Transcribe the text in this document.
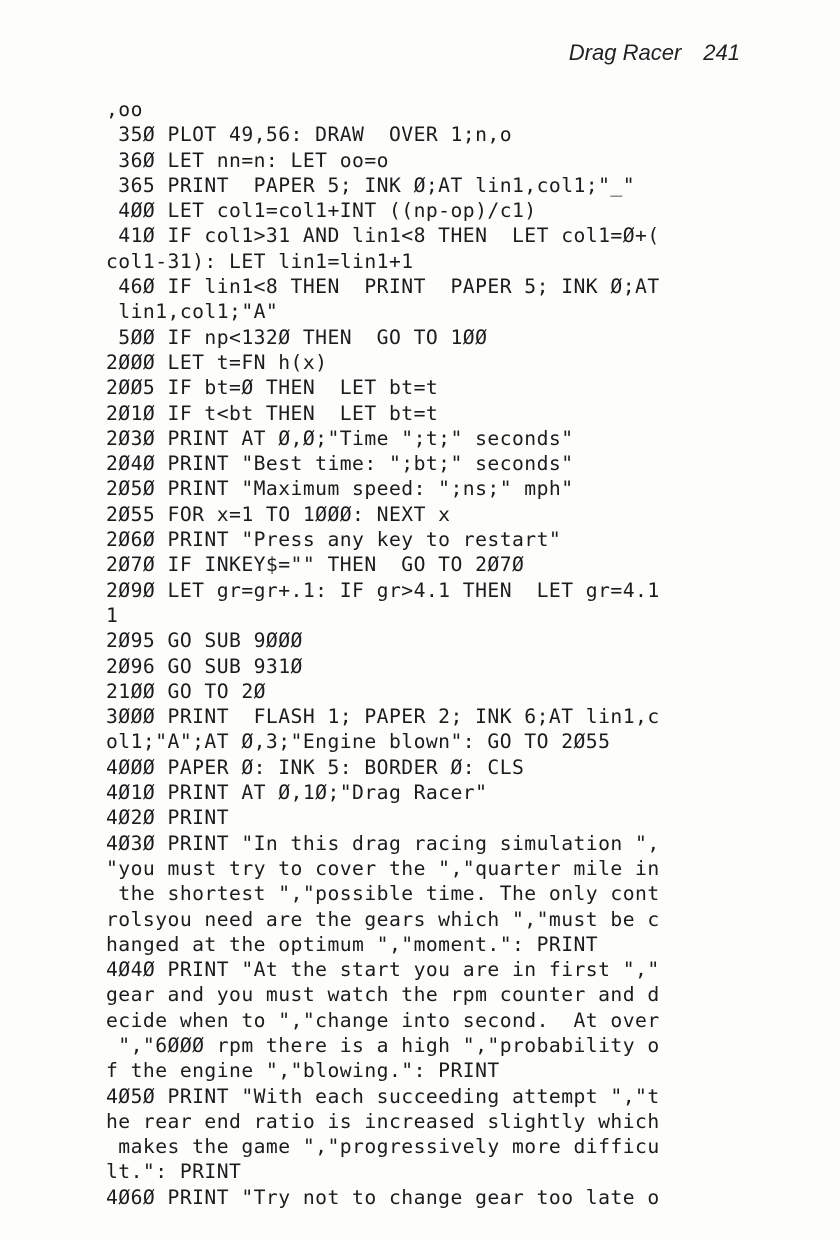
Drag Racer 241
,oo
35Ø PLOT 49,56: DRAW  OVER 1;n,o
36Ø LET nn=n: LET oo=o
365 PRINT  PAPER 5; INK Ø;AT lin1,col1;"_"
4ØØ LET col1=col1+INT ((np-op)/c1)
41Ø IF col1>31 AND lin1<8 THEN  LET col1=Ø+(
col1-31): LET lin1=lin1+1
46Ø IF lin1<8 THEN  PRINT  PAPER 5; INK Ø;AT
lin1,col1;"A"
5ØØ IF np<132Ø THEN  GO TO 1ØØ
2ØØØ LET t=FN h(x)
2ØØ5 IF bt=Ø THEN  LET bt=t
2Ø1Ø IF t<bt THEN  LET bt=t
2Ø3Ø PRINT AT Ø,Ø;"Time ";t;" seconds"
2Ø4Ø PRINT "Best time: ";bt;" seconds"
2Ø5Ø PRINT "Maximum speed: ";ns;" mph"
2Ø55 FOR x=1 TO 1ØØØ: NEXT x
2Ø6Ø PRINT "Press any key to restart"
2Ø7Ø IF INKEY$="" THEN  GO TO 2Ø7Ø
2Ø9Ø LET gr=gr+.1: IF gr>4.1 THEN  LET gr=4.1
1
2Ø95 GO SUB 9ØØØ
2Ø96 GO SUB 931Ø
21ØØ GO TO 2Ø
3ØØØ PRINT  FLASH 1; PAPER 2; INK 6;AT lin1,c
ol1;"A";AT Ø,3;"Engine blown": GO TO 2Ø55
4ØØØ PAPER Ø: INK 5: BORDER Ø: CLS
4Ø1Ø PRINT AT Ø,1Ø;"Drag Racer"
4Ø2Ø PRINT
4Ø3Ø PRINT "In this drag racing simulation ",
"you must try to cover the ","quarter mile in
the shortest ","possible time. The only cont
rolsyou need are the gears which ","must be c
hanged at the optimum ","moment.": PRINT
4Ø4Ø PRINT "At the start you are in first ","
gear and you must watch the rpm counter and d
ecide when to ","change into second.  At over
","6ØØØ rpm there is a high ","probability o
f the engine ","blowing.": PRINT
4Ø5Ø PRINT "With each succeeding attempt ","t
he rear end ratio is increased slightly which
makes the game ","progressively more difficu
lt.": PRINT
4Ø6Ø PRINT "Try not to change gear too late o
